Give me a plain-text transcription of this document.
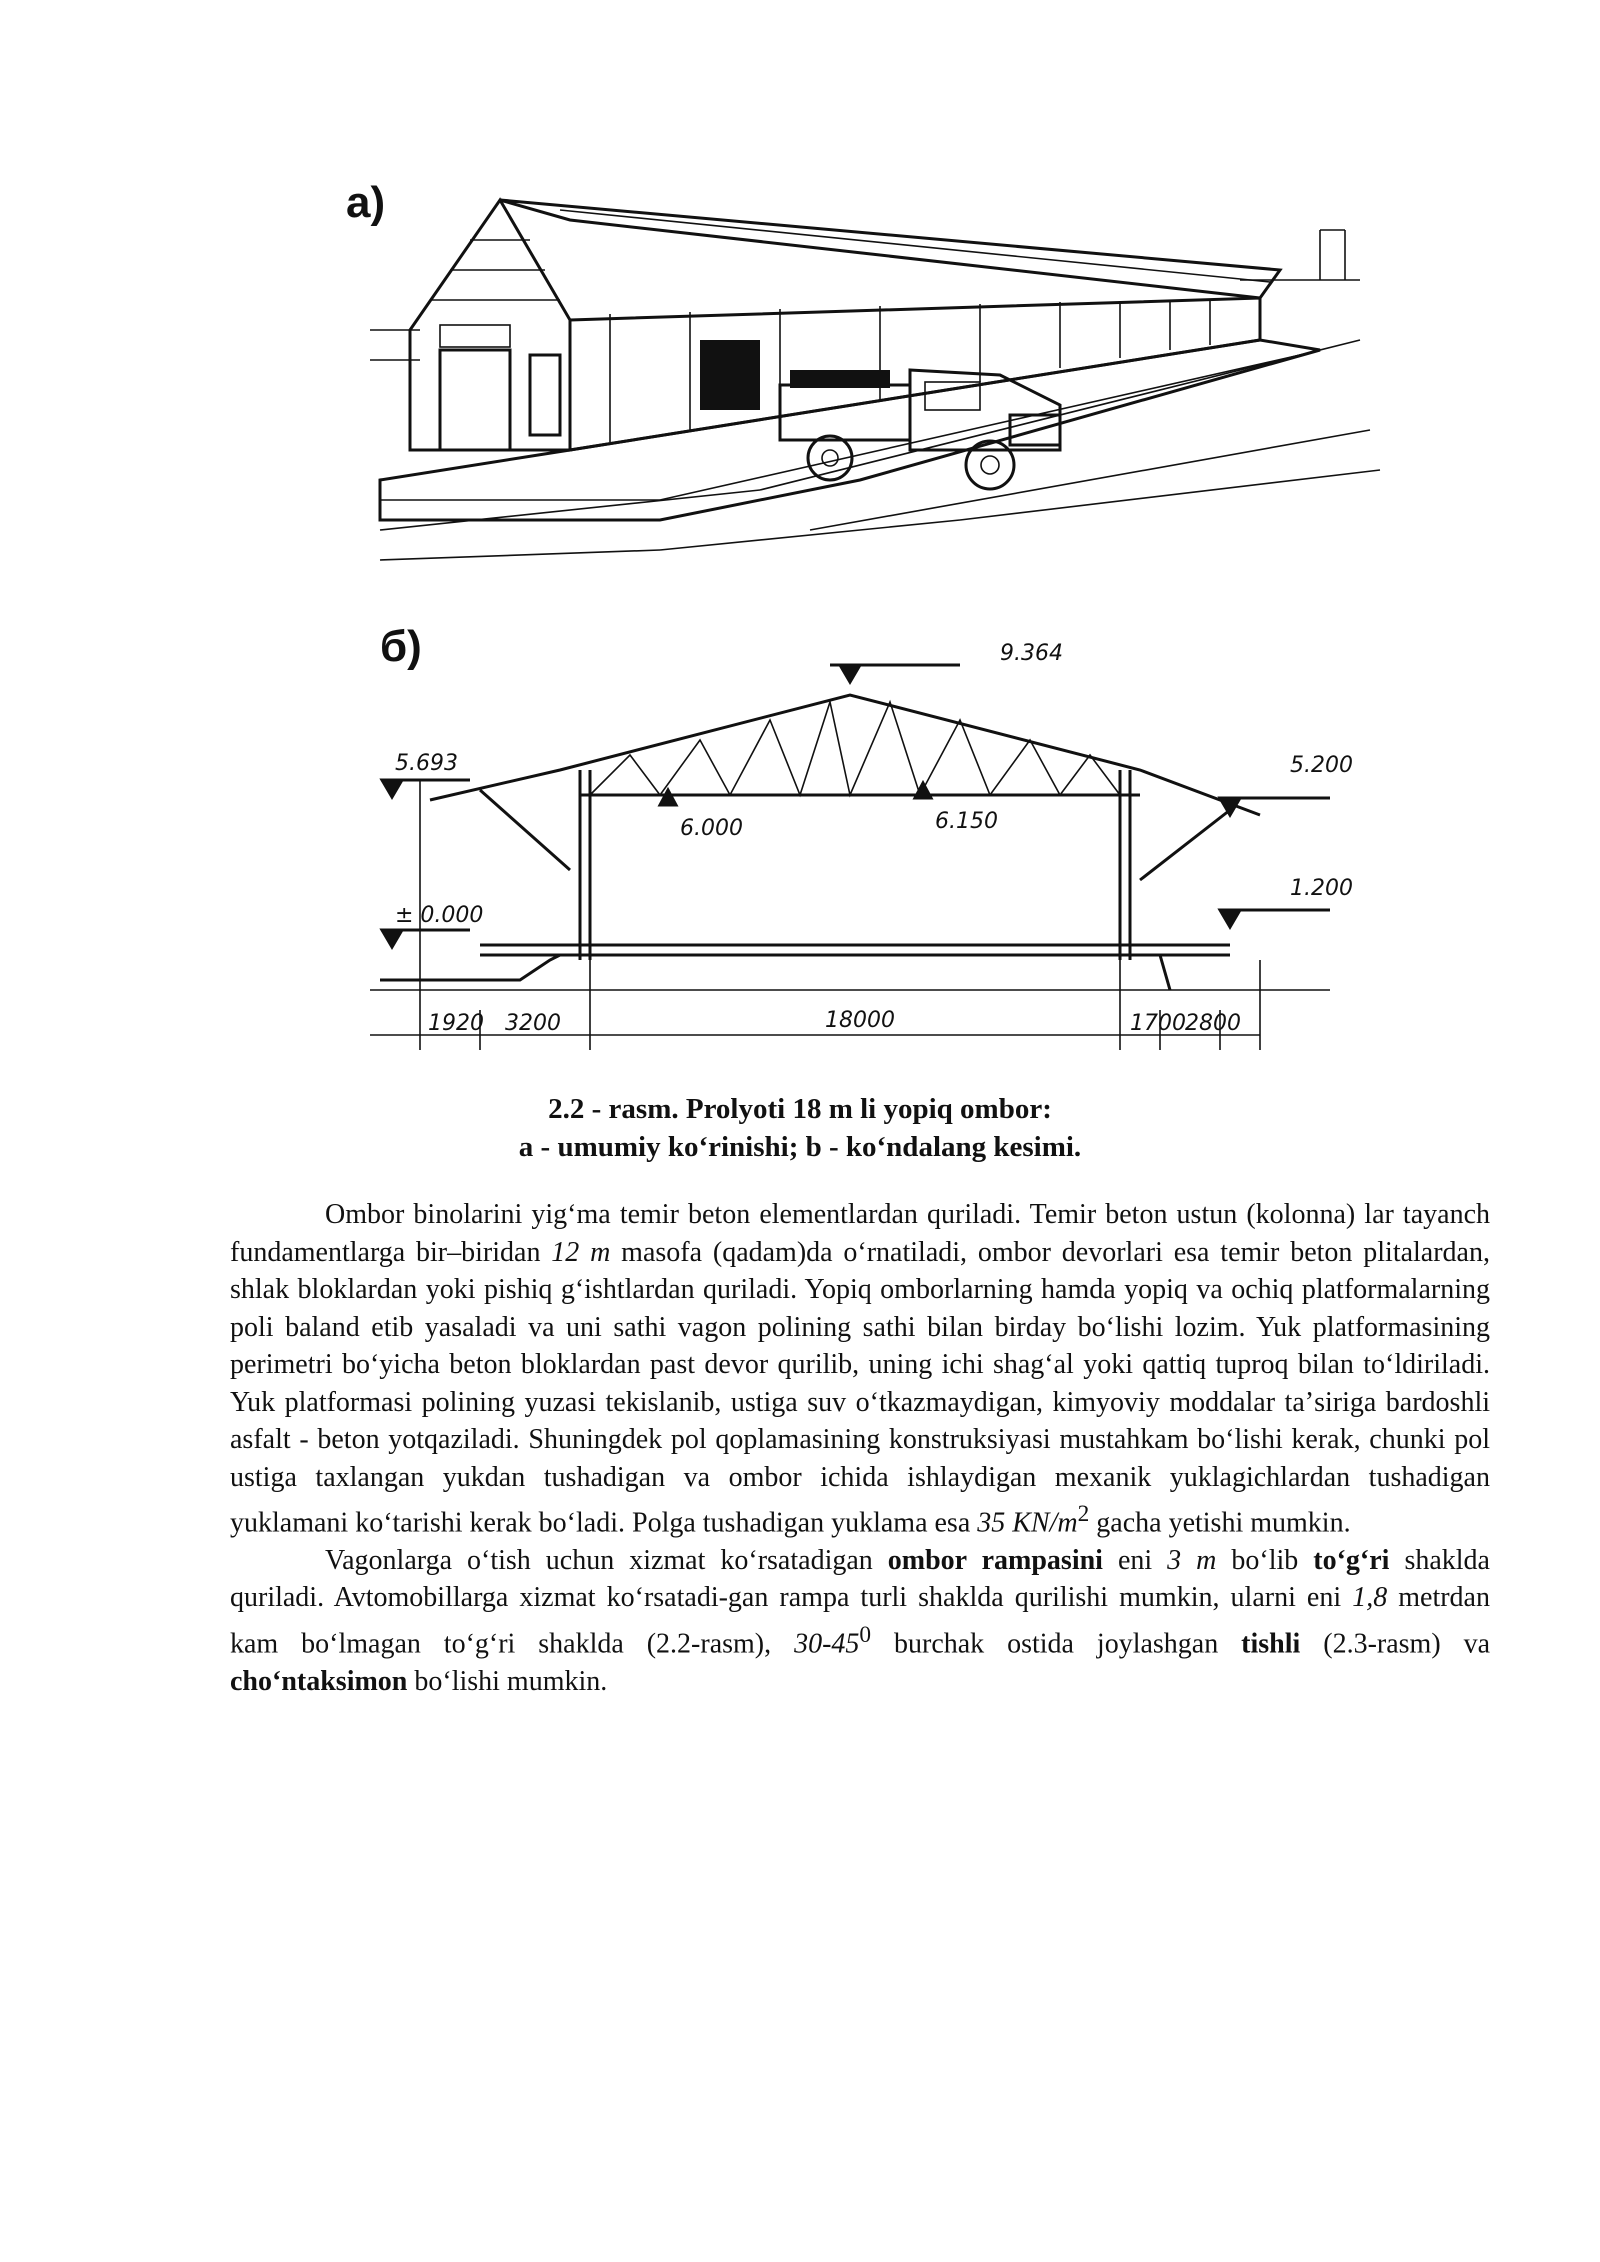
а)
б)	9.364
5.693	5.200
6.000	6.150
± 0.000
1.200
1920 3200	18000	1700 2800
2.2 - rasm. Prolyoti 18 m li yopiq ombor:
a - umumiy koʻrinishi; b - koʻndalang kesimi.

Ombor binolarini yigʻma temir beton elementlardan quriladi. Temir beton ustun (kolonna) lar tayanch fundamentlarga bir–biridan 12 m masofa (qadam)da oʻrnatiladi, ombor devorlari esa temir beton plitalardan, shlak bloklardan yoki pishiq gʻishtlardan quriladi. Yopiq omborlarning hamda yopiq va ochiq platformalarning poli baland etib yasaladi va uni sathi vagon polining sathi bilan birday boʻlishi lozim. Yuk platformasining perimetri boʻyicha beton bloklardan past devor qurilib, uning ichi shagʻal yoki qattiq tuproq bilan toʻldiriladi. Yuk platformasi polining yuzasi tekislanib, ustiga suv oʻtkazmaydigan, kimyoviy moddalar taʼsiriga bardoshli asfalt - beton yotqaziladi. Shuningdek pol qoplamasining konstruksiyasi mustahkam boʻlishi kerak, chunki pol ustiga taxlangan yukdan tushadigan va ombor ichida ishlaydigan mexanik yuklagichlardan tushadigan yuklamani koʻtarishi kerak boʻladi. Polga tushadigan yuklama esa 35 $KN/m^2$ gacha yetishi mumkin.

Vagonlarga oʻtish uchun xizmat koʻrsatadigan ombor rampasini eni 3 m boʻlib toʻgʻri shaklda quriladi. Avtomobillarga xizmat koʻrsatadi-gan rampa turli shaklda qurilishi mumkin, ularni eni 1,8 metrdan kam boʻlmagan toʻgʻri shaklda (2.2-rasm), $30-45^0$ burchak ostida joylashgan tishli (2.3-rasm) va choʻntaksimon boʻlishi mumkin.
